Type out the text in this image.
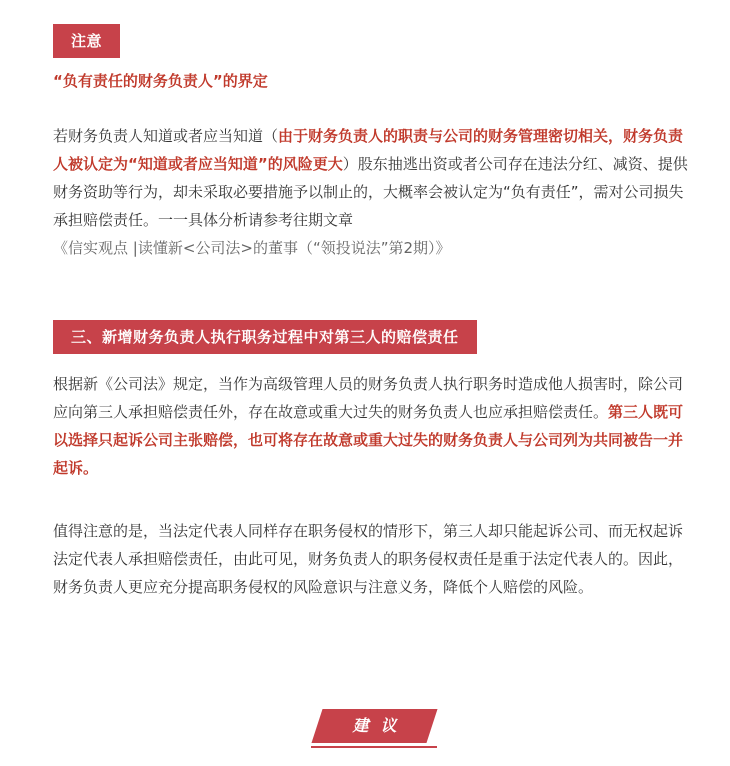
注意
“负有责任的财务负责人”的界定

若财务负责人知道或者应当知道（由于财务负责人的职责与公司的财务管理密切相关，财务负责人被认定为“知道或者应当知道”的风险更大）股东抽逃出资或者公司存在违法分红、减资、提供财务资助等行为，却未采取必要措施予以制止的，大概率会被认定为“负有责任”，需对公司损失承担赔偿责任。一一具体分析请参考往期文章
《信实观点 |读懂新<公司法>的董事（“领投说法”第2期）》

三、新增财务负责人执行职务过程中对第三人的赔偿责任

根据新《公司法》规定，当作为高级管理人员的财务负责人执行职务时造成他人损害时，除公司应向第三人承担赔偿责任外，存在故意或重大过失的财务负责人也应承担赔偿责任。第三人既可以选择只起诉公司主张赔偿，也可将存在故意或重大过失的财务负责人与公司列为共同被告一并起诉。

值得注意的是，当法定代表人同样存在职务侵权的情形下，第三人却只能起诉公司、而无权起诉法定代表人承担赔偿责任，由此可见，财务负责人的职务侵权责任是重于法定代表人的。因此，财务负责人更应充分提高职务侵权的风险意识与注意义务，降低个人赔偿的风险。

建议
